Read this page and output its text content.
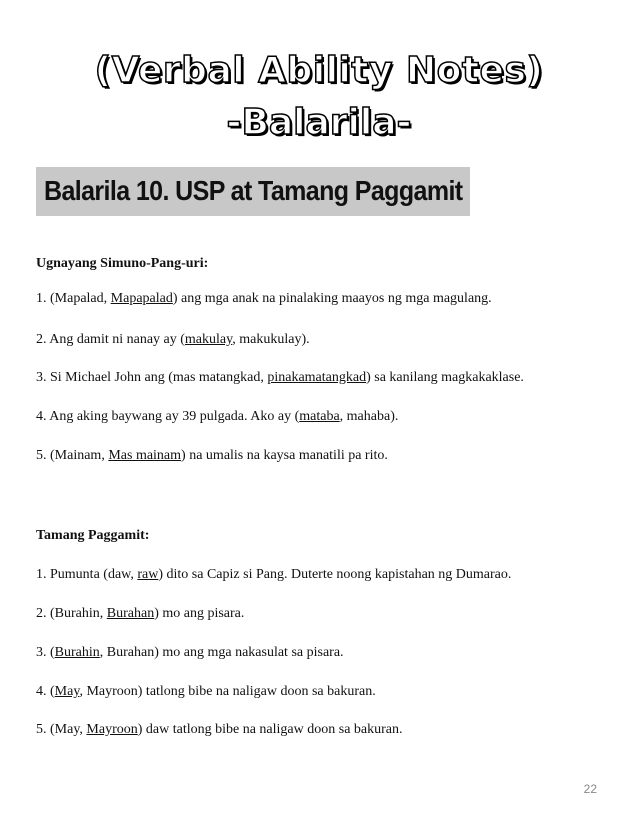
(Verbal Ability Notes)
-Balarila-
Balarila 10. USP at Tamang Paggamit
Ugnayang Simuno-Pang-uri:
1. (Mapalad, Mapapalad) ang mga anak na pinalaking maayos ng mga magulang.
2. Ang damit ni nanay ay (makulay, makukulay).
3. Si Michael John ang (mas matangkad, pinakamatangkad) sa kanilang magkakaklase.
4. Ang aking baywang ay 39 pulgada. Ako ay (mataba, mahaba).
5. (Mainam, Mas mainam) na umalis na kaysa manatili pa rito.
Tamang Paggamit:
1. Pumunta (daw, raw) dito sa Capiz si Pang. Duterte noong kapistahan ng Dumarao.
2. (Burahin, Burahan) mo ang pisara.
3. (Burahin, Burahan) mo ang mga nakasulat sa pisara.
4. (May, Mayroon) tatlong bibe na naligaw doon sa bakuran.
5. (May, Mayroon) daw tatlong bibe na naligaw doon sa bakuran.
22
